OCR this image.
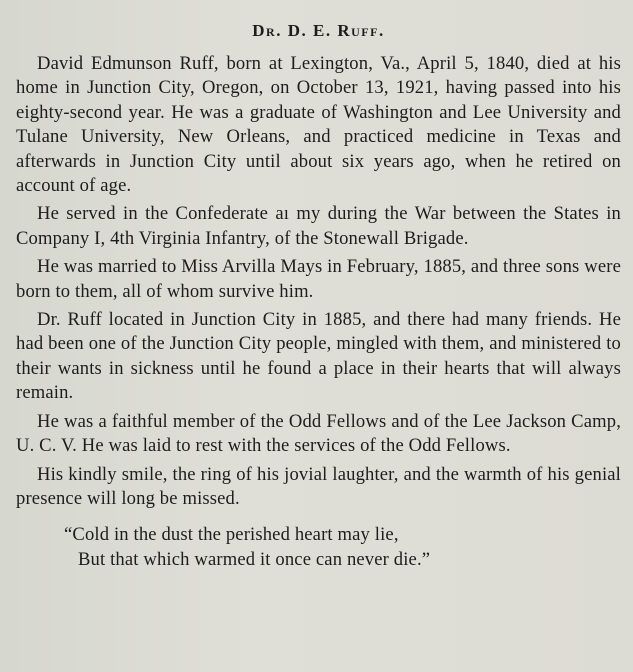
Dr. D. E. Ruff.

David Edmunson Ruff, born at Lexington, Va., April 5, 1840, died at his home in Junction City, Oregon, on October 13, 1921, having passed into his eighty-second year. He was a graduate of Washington and Lee University and Tulane University, New Orleans, and practiced medicine in Texas and afterwards in Junction City until about six years ago, when he retired on account of age.

He served in the Confederate aı my during the War between the States in Company I, 4th Virginia Infantry, of the Stonewall Brigade.

He was married to Miss Arvilla Mays in February, 1885, and three sons were born to them, all of whom survive him.

Dr. Ruff located in Junction City in 1885, and there had many friends. He had been one of the Junction City people, mingled with them, and ministered to their wants in sickness until he found a place in their hearts that will always remain.

He was a faithful member of the Odd Fellows and of the Lee Jackson Camp, U. C. V. He was laid to rest with the services of the Odd Fellows.

His kindly smile, the ring of his jovial laughter, and the warmth of his genial presence will long be missed.

“Cold in the dust the perished heart may lie,
But that which warmed it once can never die.”
